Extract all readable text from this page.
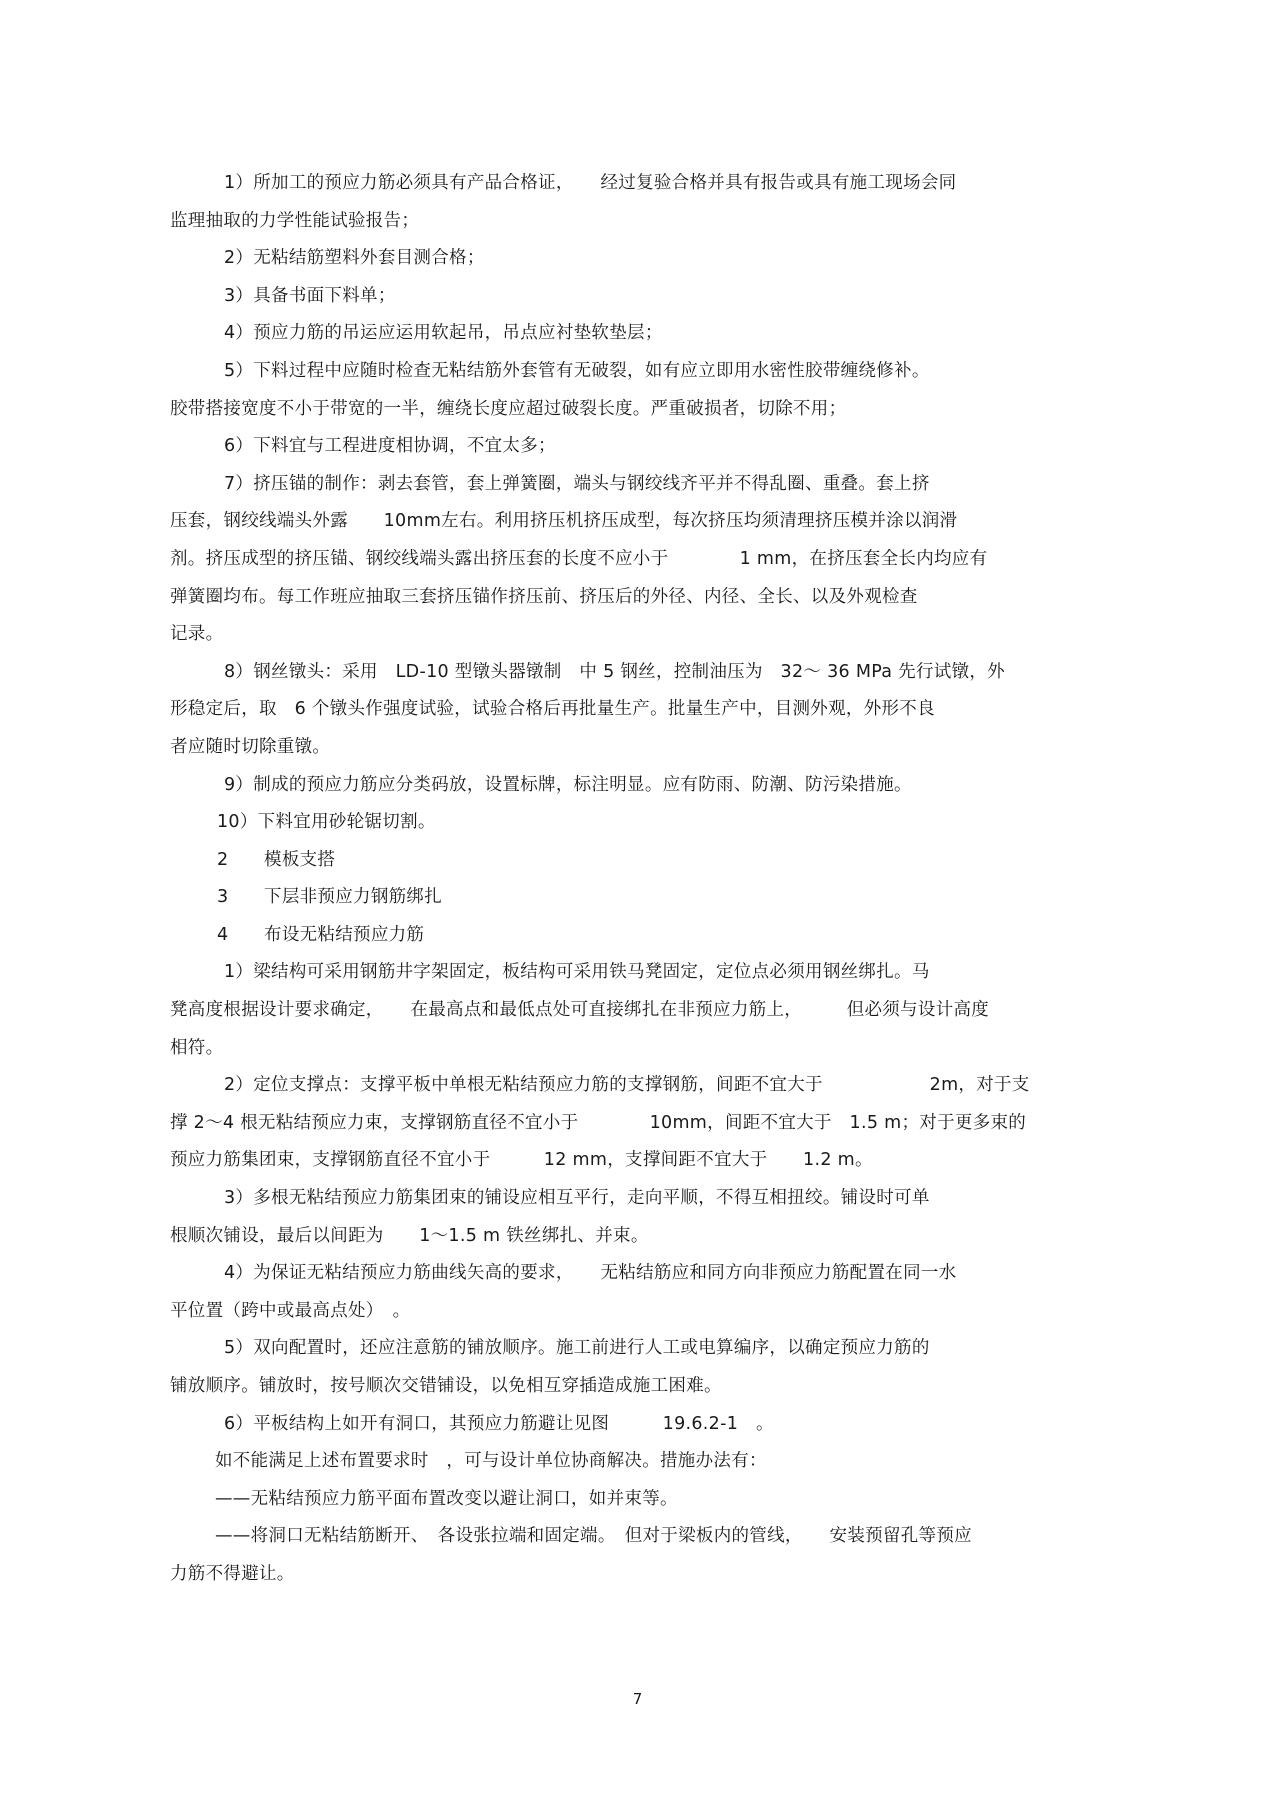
1）所加工的预应力筋必须具有产品合格证，　　经过复验合格并具有报告或具有施工现场会同
监理抽取的力学性能试验报告；
2）无粘结筋塑料外套目测合格；
3）具备书面下料单；
4）预应力筋的吊运应运用软起吊，吊点应衬垫软垫层；
5）下料过程中应随时检查无粘结筋外套管有无破裂，如有应立即用水密性胶带缠绕修补。
胶带搭接宽度不小于带宽的一半，缠绕长度应超过破裂长度。严重破损者，切除不用；
6）下料宜与工程进度相协调，不宜太多；
7）挤压锚的制作：剥去套管，套上弹簧圈，端头与钢绞线齐平并不得乱圈、重叠。套上挤
压套，钢绞线端头外露　　10mm左右。利用挤压机挤压成型，每次挤压均须清理挤压模并涂以润滑
剂。挤压成型的挤压锚、钢绞线端头露出挤压套的长度不应小于　　　　1 mm，在挤压套全长内均应有
弹簧圈均布。每工作班应抽取三套挤压锚作挤压前、挤压后的外径、内径、全长、以及外观检查
记录。
8）钢丝镦头：采用　LD-10 型镦头器镦制　中 5 钢丝，控制油压为　32～ 36 MPa 先行试镦，外
形稳定后，取　6 个镦头作强度试验，试验合格后再批量生产。批量生产中，目测外观，外形不良
者应随时切除重镦。
9）制成的预应力筋应分类码放，设置标牌，标注明显。应有防雨、防潮、防污染措施。
10）下料宜用砂轮锯切割。
2　　模板支搭
3　　下层非预应力钢筋绑扎
4　　布设无粘结预应力筋
1）梁结构可采用钢筋井字架固定，板结构可采用铁马凳固定，定位点必须用钢丝绑扎。马
凳高度根据设计要求确定，　　在最高点和最低点处可直接绑扎在非预应力筋上，　　　但必须与设计高度
相符。
2）定位支撑点：支撑平板中单根无粘结预应力筋的支撑钢筋，间距不宜大于　　　　　　2m，对于支
撑 2～4 根无粘结预应力束，支撑钢筋直径不宜小于　　　　10mm，间距不宜大于　1.5 m；对于更多束的
预应力筋集团束，支撑钢筋直径不宜小于　　　12 mm，支撑间距不宜大于　　1.2 m。
3）多根无粘结预应力筋集团束的铺设应相互平行，走向平顺，不得互相扭绞。铺设时可单
根顺次铺设，最后以间距为　　1～1.5 m 铁丝绑扎、并束。
4）为保证无粘结预应力筋曲线矢高的要求，　　无粘结筋应和同方向非预应力筋配置在同一水
平位置（跨中或最高点处）　。
5）双向配置时，还应注意筋的铺放顺序。施工前进行人工或电算编序，以确定预应力筋的
铺放顺序。铺放时，按号顺次交错铺设，以免相互穿插造成施工困难。
6）平板结构上如开有洞口，其预应力筋避让见图　　　19.6.2-1　。
如不能满足上述布置要求时　，可与设计单位协商解决。措施办法有：
——无粘结预应力筋平面布置改变以避让洞口，如并束等。
——将洞口无粘结筋断开、　各设张拉端和固定端。　但对于梁板内的管线，　　安装预留孔等预应
力筋不得避让。
7
